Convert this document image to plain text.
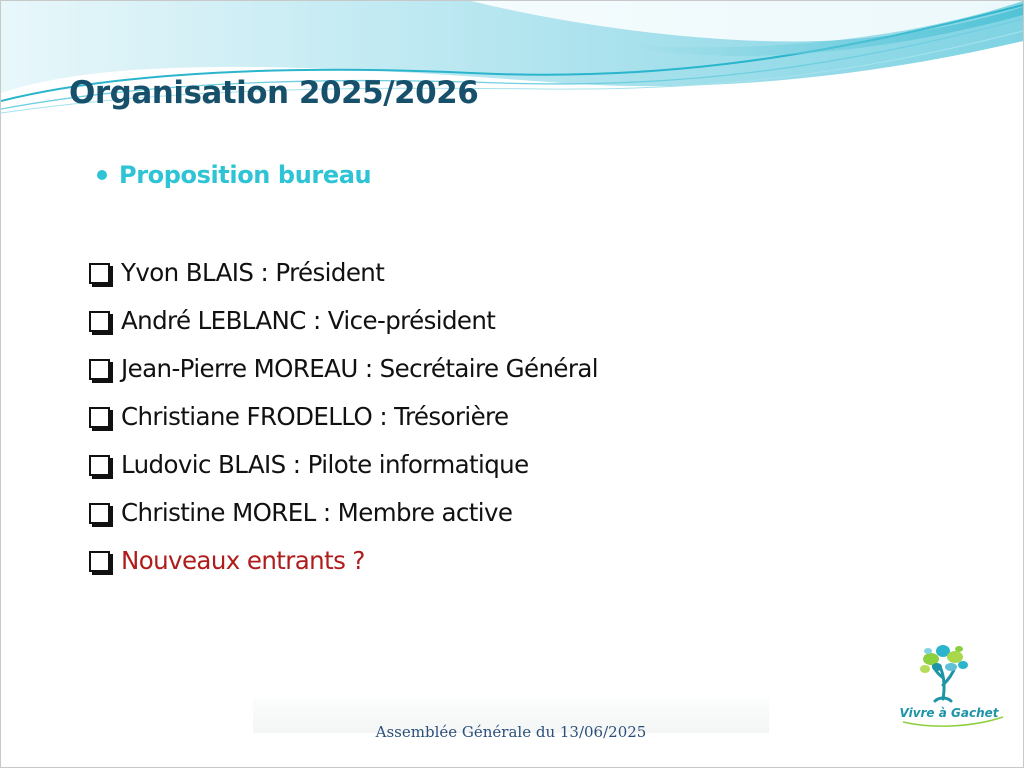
Organisation 2025/2026
Proposition bureau
Yvon BLAIS : Président
André LEBLANC : Vice-président
Jean-Pierre MOREAU : Secrétaire Général
Christiane FRODELLO : Trésorière
Ludovic BLAIS : Pilote informatique
Christine MOREL : Membre active
Nouveaux entrants ?
Assemblée Générale du 13/06/2025
Vivre à Gachet
